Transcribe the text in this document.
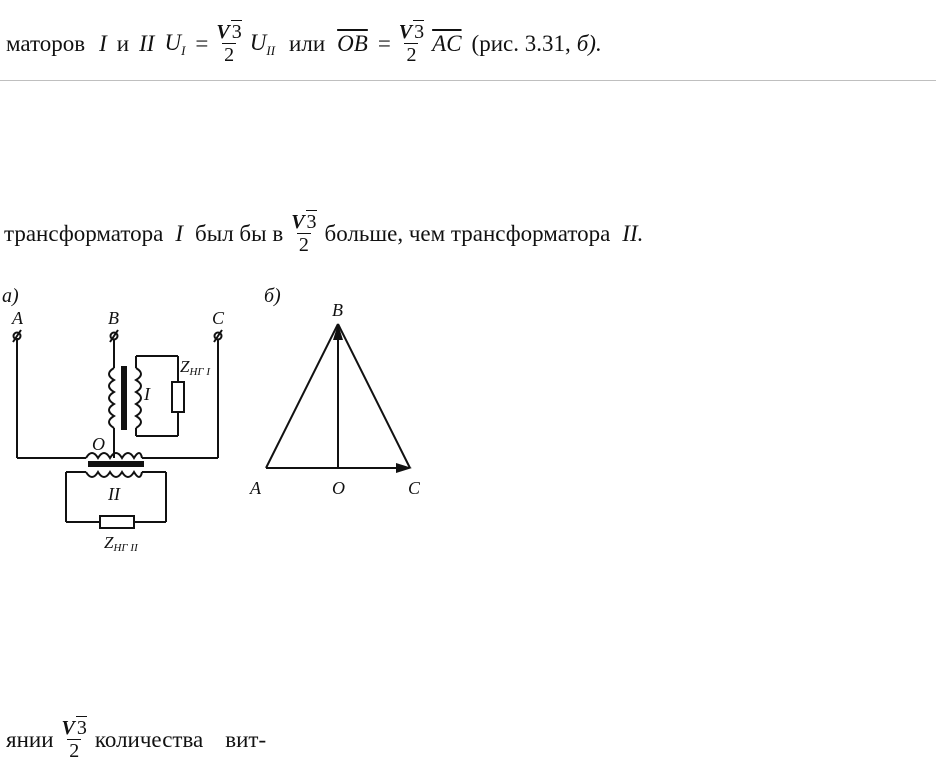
маторов I и II $U_I = \frac{V 3}{2} U_{II}$ или $\overline{OB} = \frac{V 3}{2} \overline{AC}$ (рис. 3.31, б).
трансформатора I был бы в $\frac{V 3}{2}$ больше, чем трансформатора II.
а)
A	B	C
ZНГ I
I
O
II
ZНГ II
б)
B
A	O	C
янии $\frac{V 3}{2}$ количества вит-
